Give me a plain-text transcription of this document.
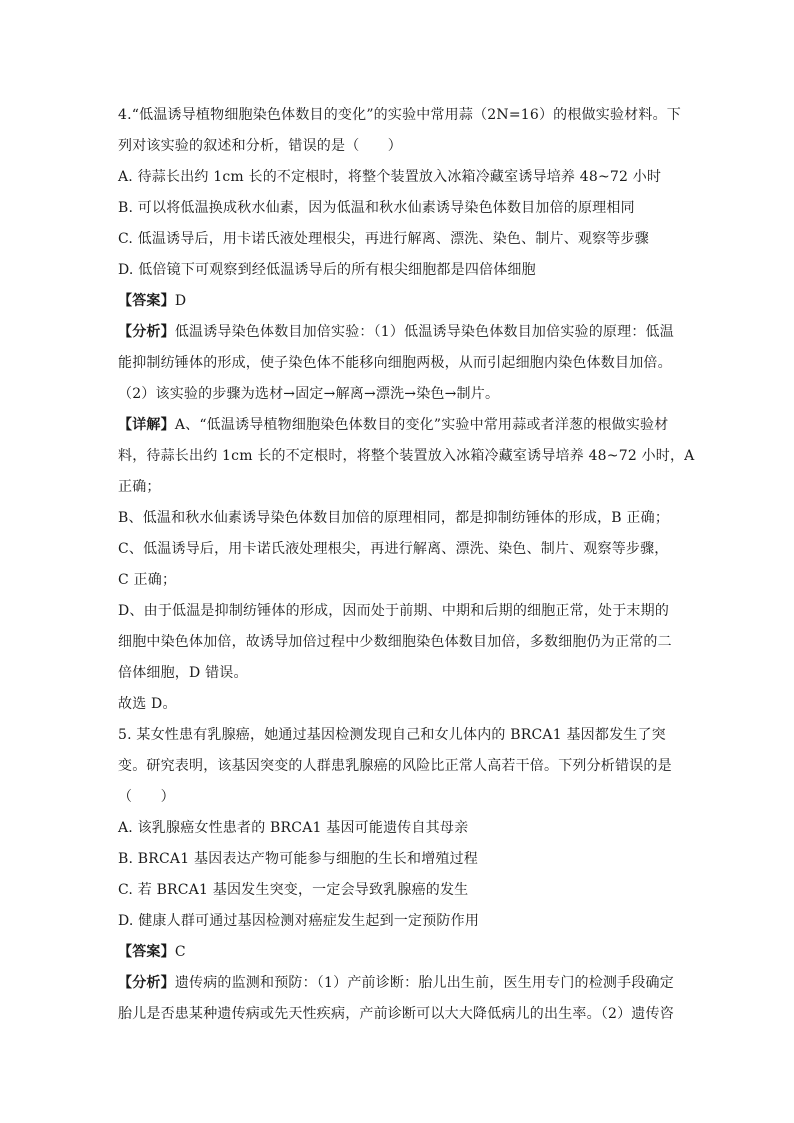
4.“低温诱导植物细胞染色体数目的变化”的实验中常用蒜（2N=16）的根做实验材料。下
列对该实验的叙述和分析，错误的是（　　）
A. 待蒜长出约 1cm 长的不定根时，将整个装置放入冰箱冷藏室诱导培养 48~72 小时
B. 可以将低温换成秋水仙素，因为低温和秋水仙素诱导染色体数目加倍的原理相同
C. 低温诱导后，用卡诺氏液处理根尖，再进行解离、漂洗、染色、制片、观察等步骤
D. 低倍镜下可观察到经低温诱导后的所有根尖细胞都是四倍体细胞
【答案】D
【分析】低温诱导染色体数目加倍实验：（1）低温诱导染色体数目加倍实验的原理：低温
能抑制纺锤体的形成，使子染色体不能移向细胞两极，从而引起细胞内染色体数目加倍。
（2）该实验的步骤为选材→固定→解离→漂洗→染色→制片。
【详解】A、“低温诱导植物细胞染色体数目的变化”实验中常用蒜或者洋葱的根做实验材
料，待蒜长出约 1cm 长的不定根时，将整个装置放入冰箱冷藏室诱导培养 48~72 小时，A
正确；
B、低温和秋水仙素诱导染色体数目加倍的原理相同，都是抑制纺锤体的形成，B 正确；
C、低温诱导后，用卡诺氏液处理根尖，再进行解离、漂洗、染色、制片、观察等步骤，
C 正确；
D、由于低温是抑制纺锤体的形成，因而处于前期、中期和后期的细胞正常，处于末期的
细胞中染色体加倍，故诱导加倍过程中少数细胞染色体数目加倍，多数细胞仍为正常的二
倍体细胞，D 错误。
故选 D。
5. 某女性患有乳腺癌，她通过基因检测发现自己和女儿体内的 BRCA1 基因都发生了突
变。研究表明，该基因突变的人群患乳腺癌的风险比正常人高若干倍。下列分析错误的是
（　　）
A. 该乳腺癌女性患者的 BRCA1 基因可能遗传自其母亲
B. BRCA1 基因表达产物可能参与细胞的生长和增殖过程
C. 若 BRCA1 基因发生突变，一定会导致乳腺癌的发生
D. 健康人群可通过基因检测对癌症发生起到一定预防作用
【答案】C
【分析】遗传病的监测和预防：（1）产前诊断：胎儿出生前，医生用专门的检测手段确定
胎儿是否患某种遗传病或先天性疾病，产前诊断可以大大降低病儿的出生率。（2）遗传咨
